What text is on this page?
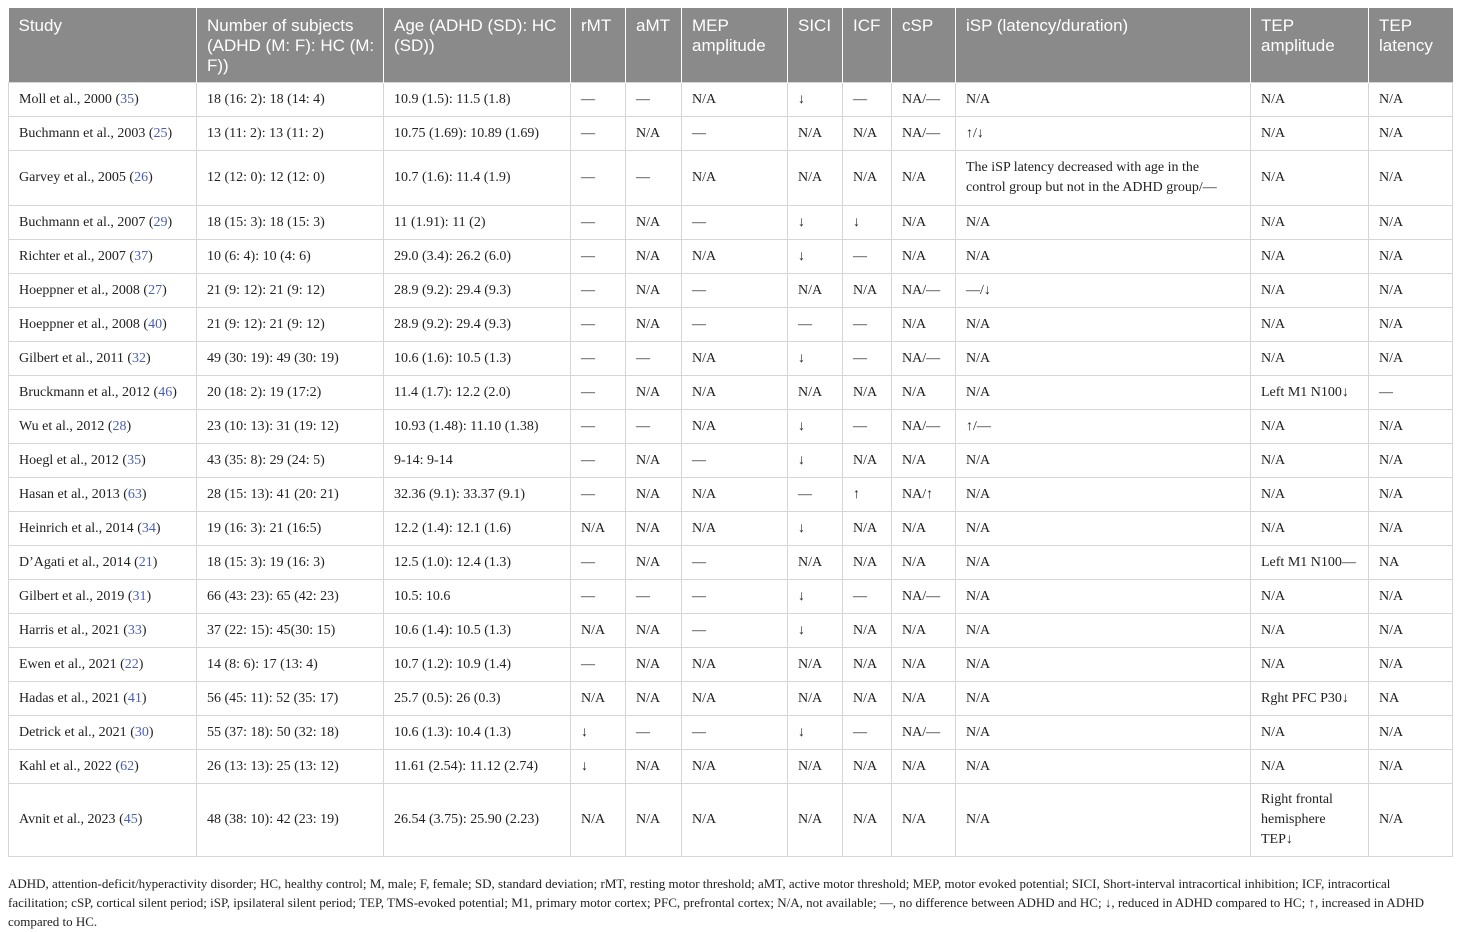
Study	Number of subjects (ADHD (M: F): HC (M: F))	Age (ADHD (SD): HC (SD))	rMT	aMT	MEP amplitude	SICI	ICF	cSP	iSP (latency/duration)	TEP amplitude	TEP latency
Moll et al., 2000 (35)	18 (16: 2): 18 (14: 4)	10.9 (1.5): 11.5 (1.8)	—	—	N/A	↓	—	NA/—	N/A	N/A	N/A
Buchmann et al., 2003 (25)	13 (11: 2): 13 (11: 2)	10.75 (1.69): 10.89 (1.69)	—	N/A	—	N/A	N/A	NA/—	↑/↓	N/A	N/A
Garvey et al., 2005 (26)	12 (12: 0): 12 (12: 0)	10.7 (1.6): 11.4 (1.9)	—	—	N/A	N/A	N/A	N/A	The iSP latency decreased with age in the control group but not in the ADHD group/—	N/A	N/A
Buchmann et al., 2007 (29)	18 (15: 3): 18 (15: 3)	11 (1.91): 11 (2)	—	N/A	—	↓	↓	N/A	N/A	N/A	N/A
Richter et al., 2007 (37)	10 (6: 4): 10 (4: 6)	29.0 (3.4): 26.2 (6.0)	—	N/A	N/A	↓	—	N/A	N/A	N/A	N/A
Hoeppner et al., 2008 (27)	21 (9: 12): 21 (9: 12)	28.9 (9.2): 29.4 (9.3)	—	N/A	—	N/A	N/A	NA/—	—/↓	N/A	N/A
Hoeppner et al., 2008 (40)	21 (9: 12): 21 (9: 12)	28.9 (9.2): 29.4 (9.3)	—	N/A	—	—	—	N/A	N/A	N/A	N/A
Gilbert et al., 2011 (32)	49 (30: 19): 49 (30: 19)	10.6 (1.6): 10.5 (1.3)	—	—	N/A	↓	—	NA/—	N/A	N/A	N/A
Bruckmann et al., 2012 (46)	20 (18: 2): 19 (17:2)	11.4 (1.7): 12.2 (2.0)	—	N/A	N/A	N/A	N/A	N/A	N/A	Left M1 N100↓	—
Wu et al., 2012 (28)	23 (10: 13): 31 (19: 12)	10.93 (1.48): 11.10 (1.38)	—	—	N/A	↓	—	NA/—	↑/—	N/A	N/A
Hoegl et al., 2012 (35)	43 (35: 8): 29 (24: 5)	9-14: 9-14	—	N/A	—	↓	N/A	N/A	N/A	N/A	N/A
Hasan et al., 2013 (63)	28 (15: 13): 41 (20: 21)	32.36 (9.1): 33.37 (9.1)	—	N/A	N/A	—	↑	NA/↑	N/A	N/A	N/A
Heinrich et al., 2014 (34)	19 (16: 3): 21 (16:5)	12.2 (1.4): 12.1 (1.6)	N/A	N/A	N/A	↓	N/A	N/A	N/A	N/A	N/A
D’Agati et al., 2014 (21)	18 (15: 3): 19 (16: 3)	12.5 (1.0): 12.4 (1.3)	—	N/A	—	N/A	N/A	N/A	N/A	Left M1 N100—	NA
Gilbert et al., 2019 (31)	66 (43: 23): 65 (42: 23)	10.5: 10.6	—	—	—	↓	—	NA/—	N/A	N/A	N/A
Harris et al., 2021 (33)	37 (22: 15): 45(30: 15)	10.6 (1.4): 10.5 (1.3)	N/A	N/A	—	↓	N/A	N/A	N/A	N/A	N/A
Ewen et al., 2021 (22)	14 (8: 6): 17 (13: 4)	10.7 (1.2): 10.9 (1.4)	—	N/A	N/A	N/A	N/A	N/A	N/A	N/A	N/A
Hadas et al., 2021 (41)	56 (45: 11): 52 (35: 17)	25.7 (0.5): 26 (0.3)	N/A	N/A	N/A	N/A	N/A	N/A	N/A	Rght PFC P30↓	NA
Detrick et al., 2021 (30)	55 (37: 18): 50 (32: 18)	10.6 (1.3): 10.4 (1.3)	↓	—	—	↓	—	NA/—	N/A	N/A	N/A
Kahl et al., 2022 (62)	26 (13: 13): 25 (13: 12)	11.61 (2.54): 11.12 (2.74)	↓	N/A	N/A	N/A	N/A	N/A	N/A	N/A	N/A
Avnit et al., 2023 (45)	48 (38: 10): 42 (23: 19)	26.54 (3.75): 25.90 (2.23)	N/A	N/A	N/A	N/A	N/A	N/A	N/A	Right frontal hemisphere TEP↓	N/A
ADHD, attention-deficit/hyperactivity disorder; HC, healthy control; M, male; F, female; SD, standard deviation; rMT, resting motor threshold; aMT, active motor threshold; MEP, motor evoked potential; SICI, Short-interval intracortical inhibition; ICF, intracortical facilitation; cSP, cortical silent period; iSP, ipsilateral silent period; TEP, TMS-evoked potential; M1, primary motor cortex; PFC, prefrontal cortex; N/A, not available; —, no difference between ADHD and HC; ↓, reduced in ADHD compared to HC; ↑, increased in ADHD compared to HC.
